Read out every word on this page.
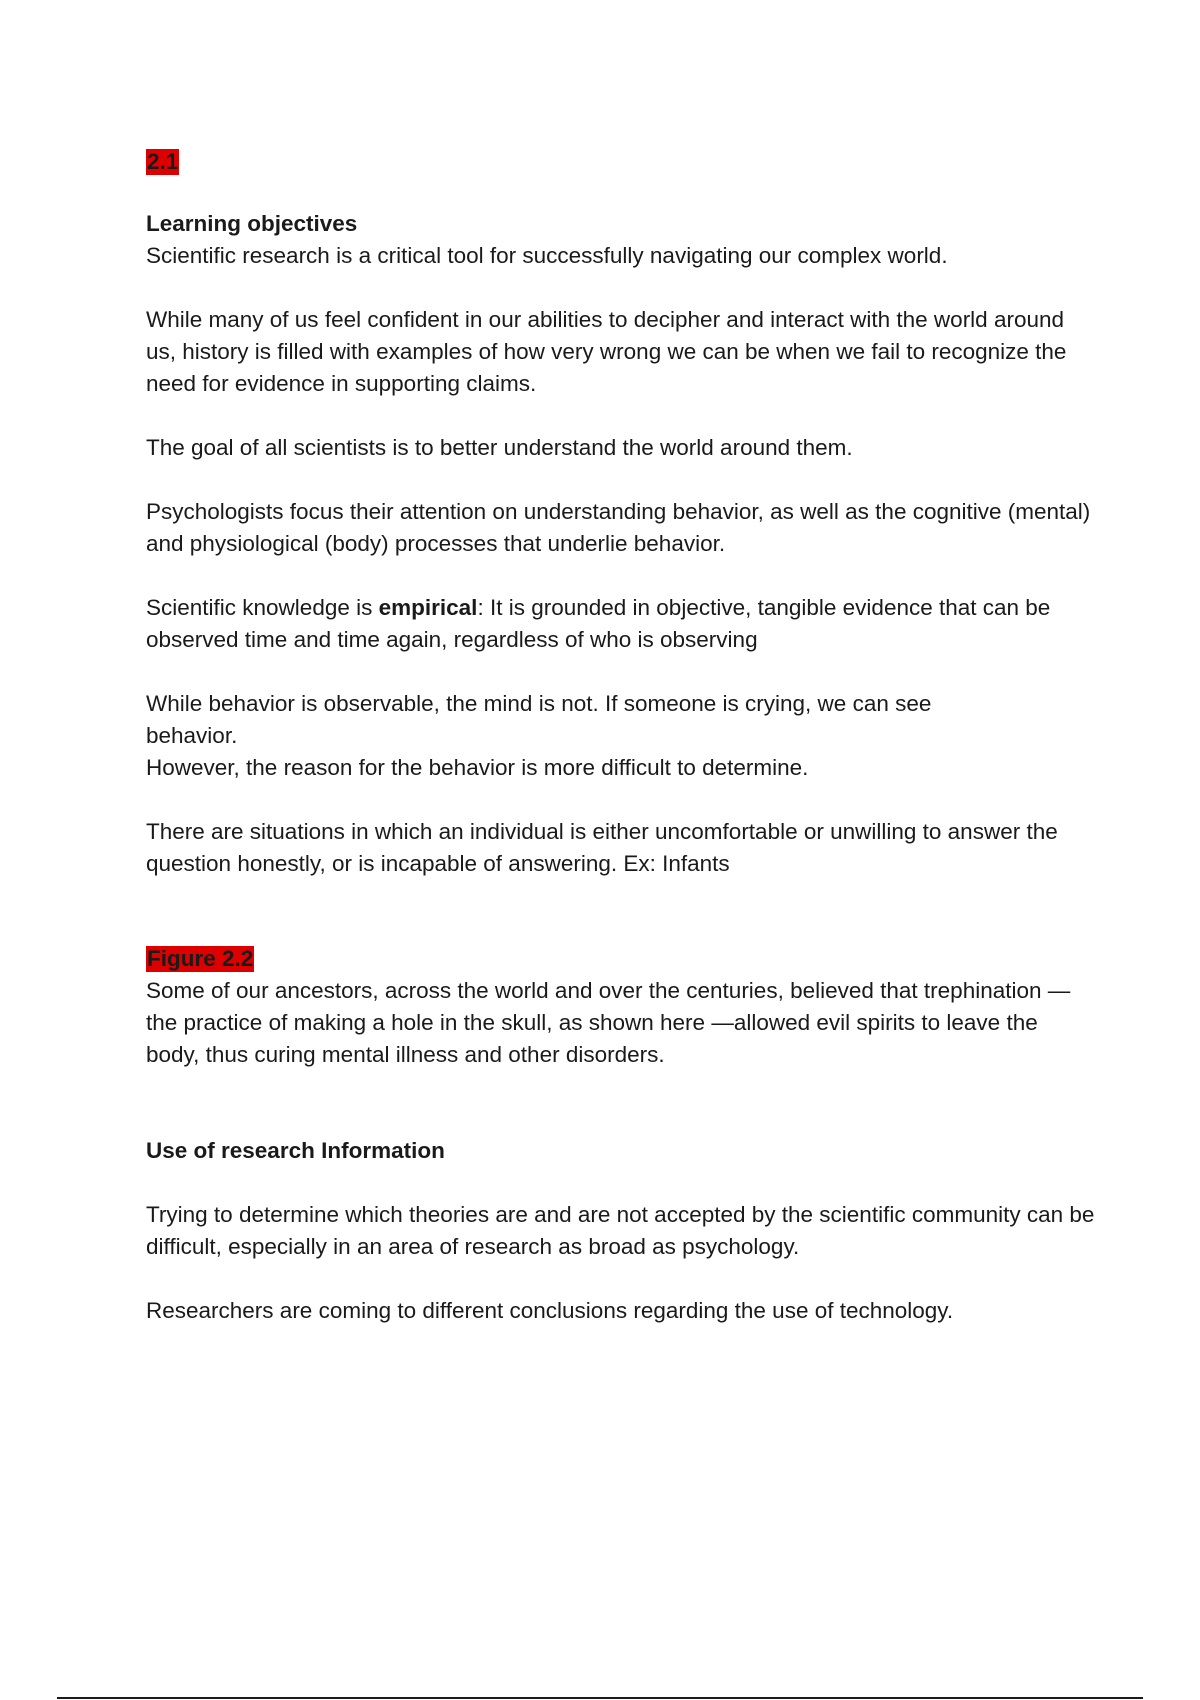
2.1

Learning objectives

Scientific research is a critical tool for successfully navigating our complex world.

While many of us feel confident in our abilities to decipher and interact with the world around us, history is filled with examples of how very wrong we can be when we fail to recognize the need for evidence in supporting claims.

The goal of all scientists is to better understand the world around them.

Psychologists focus their attention on understanding behavior, as well as the cognitive (mental) and physiological (body) processes that underlie behavior.

Scientific knowledge is empirical: It is grounded in objective, tangible evidence that can be observed time and time again, regardless of who is observing

While behavior is observable, the mind is not. If someone is crying, we can see behavior.

However, the reason for the behavior is more difficult to determine.

There are situations in which an individual is either uncomfortable or unwilling to answer the question honestly, or is incapable of answering. Ex: Infants

Figure 2.2

Some of our ancestors, across the world and over the centuries, believed that trephination — the practice of making a hole in the skull, as shown here —allowed evil spirits to leave the body, thus curing mental illness and other disorders.

Use of research Information

Trying to determine which theories are and are not accepted by the scientific community can be difficult, especially in an area of research as broad as psychology.

Researchers are coming to different conclusions regarding the use of technology.
